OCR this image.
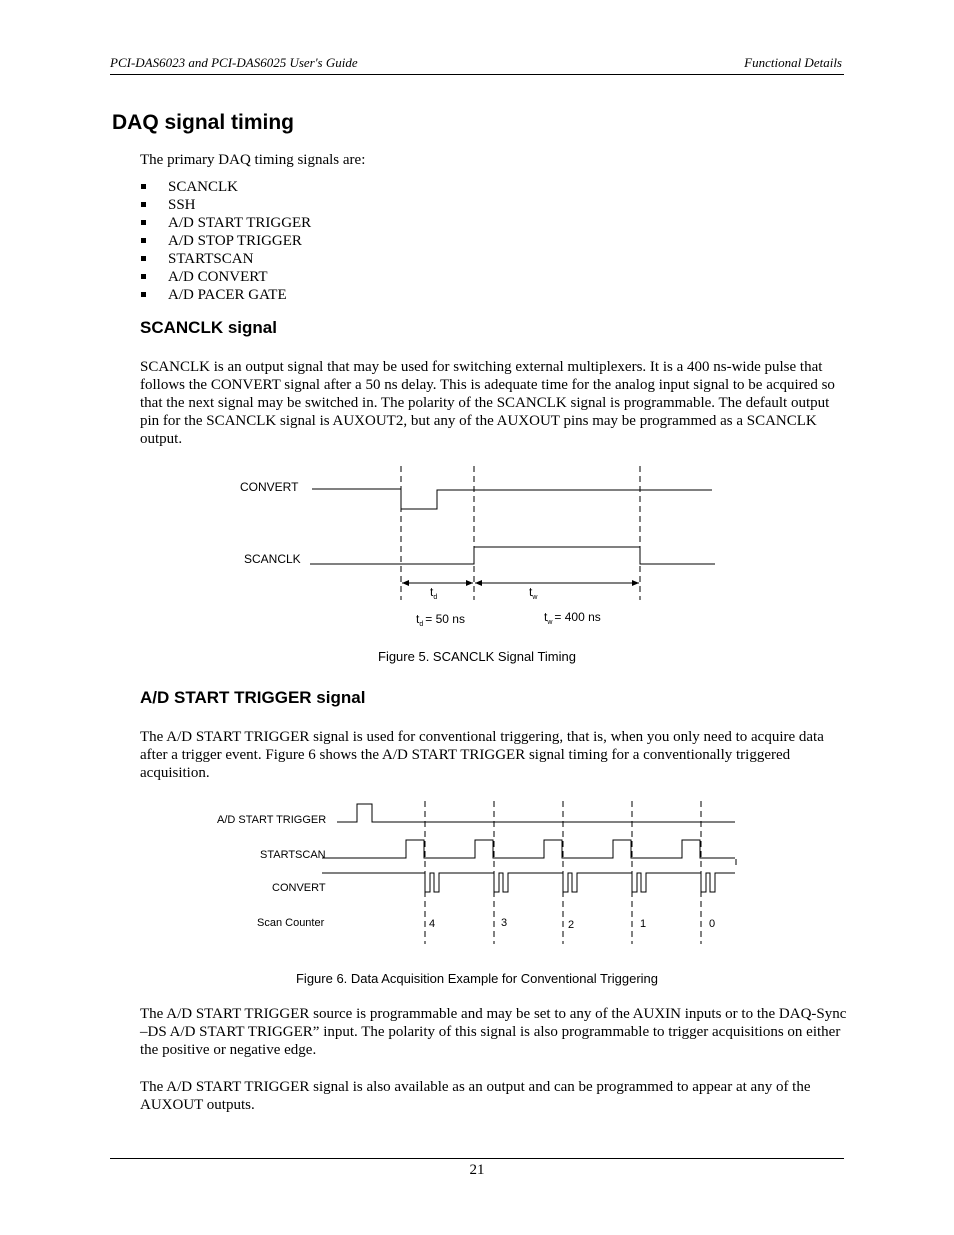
PCI-DAS6023 and PCI-DAS6025 User's Guide	Functional Details
DAQ signal timing

The primary DAQ timing signals are:

SCANCLK
SSH
A/D START TRIGGER
A/D STOP TRIGGER
STARTSCAN
A/D CONVERT
A/D PACER GATE
SCANCLK signal

SCANCLK is an output signal that may be used for switching external multiplexers. It is a 400 ns-wide pulse that follows the CONVERT signal after a 50 ns delay. This is adequate time for the analog input signal to be acquired so that the next signal may be switched in. The polarity of the SCANCLK signal is programmable. The default output pin for the SCANCLK signal is AUXOUT2, but any of the AUXOUT pins may be programmed as a SCANCLK output.

CONVERT
SCANCLK
$t_d$	$t_w$
$t_d = 50$ ns	$t_w = 400$ ns
Figure 5. SCANCLK Signal Timing
A/D START TRIGGER signal

The A/D START TRIGGER signal is used for conventional triggering, that is, when you only need to acquire data after a trigger event. Figure 6 shows the A/D START TRIGGER signal timing for a conventionally triggered acquisition.

A/D START TRIGGER
STARTSCAN
CONVERT
Scan Counter	4	3	2	1	0
Figure 6. Data Acquisition Example for Conventional Triggering

The A/D START TRIGGER source is programmable and may be set to any of the AUXIN inputs or to the DAQ-Sync –DS A/D START TRIGGER” input. The polarity of this signal is also programmable to trigger acquisitions on either the positive or negative edge.

The A/D START TRIGGER signal is also available as an output and can be programmed to appear at any of the AUXOUT outputs.

21
